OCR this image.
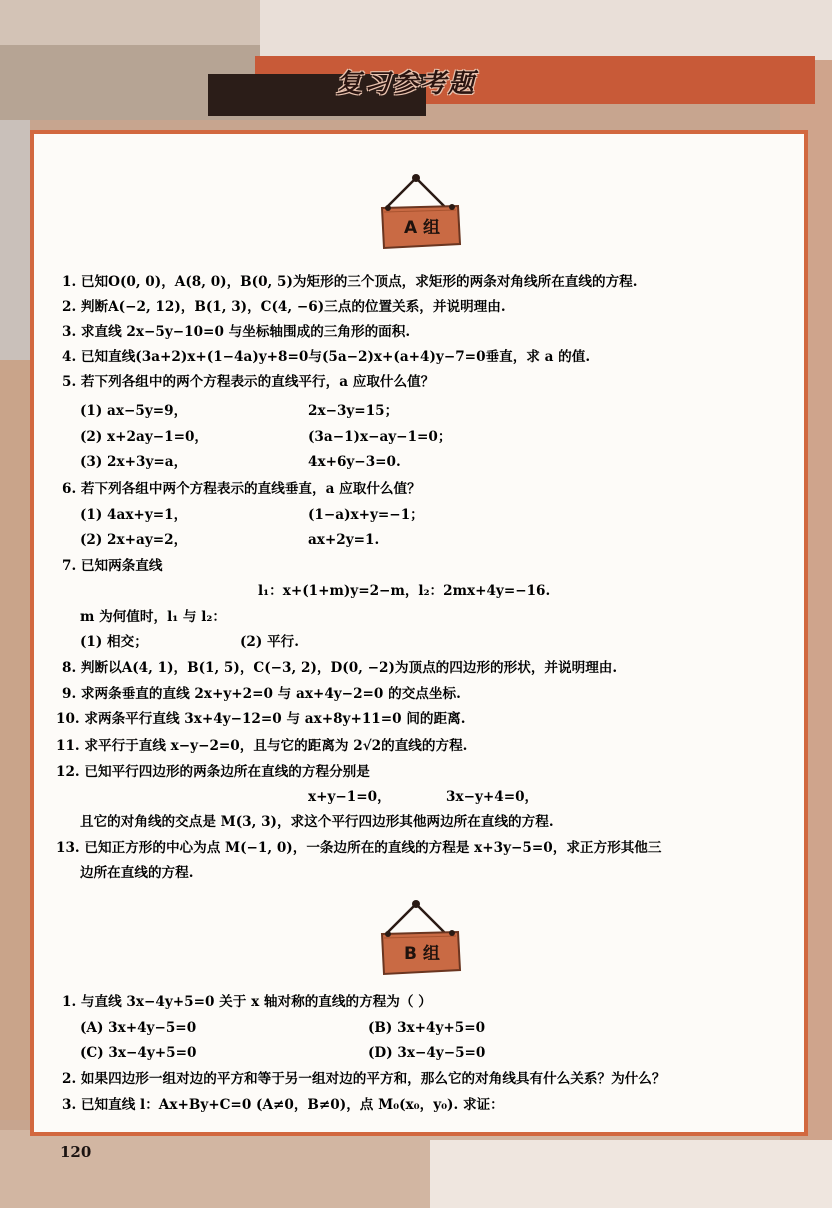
复习参考题
A 组
B 组
1. 已知O(0, 0)，A(8, 0)，B(0, 5)为矩形的三个顶点，求矩形的两条对角线所在直线的方程.
2. 判断A(−2, 12)，B(1, 3)，C(4, −6)三点的位置关系，并说明理由.
3. 求直线 2x−5y−10=0 与坐标轴围成的三角形的面积.
4. 已知直线(3a+2)x+(1−4a)y+8=0与(5a−2)x+(a+4)y−7=0垂直，求 a 的值.
5. 若下列各组中的两个方程表示的直线平行，a 应取什么值？
(1) ax−5y=9，	2x−3y=15；
(2) x+2ay−1=0，	(3a−1)x−ay−1=0；
(3) 2x+3y=a，	4x+6y−3=0.
6. 若下列各组中两个方程表示的直线垂直，a 应取什么值？
(1) 4ax+y=1，	(1−a)x+y=−1；
(2) 2x+ay=2，	ax+2y=1.
7. 已知两条直线
l₁：x+(1+m)y=2−m，l₂：2mx+4y=−16.
m 为何值时，l₁ 与 l₂：
(1) 相交；	(2) 平行.
8. 判断以A(4, 1)，B(1, 5)，C(−3, 2)，D(0, −2)为顶点的四边形的形状，并说明理由.
9. 求两条垂直的直线 2x+y+2=0 与 ax+4y−2=0 的交点坐标.
10. 求两条平行直线 3x+4y−12=0 与 ax+8y+11=0 间的距离.
11. 求平行于直线 x−y−2=0，且与它的距离为 2√2的直线的方程.
12. 已知平行四边形的两条边所在直线的方程分别是
x+y−1=0，	3x−y+4=0，
且它的对角线的交点是 M(3, 3)，求这个平行四边形其他两边所在直线的方程.
13. 已知正方形的中心为点 M(−1, 0)，一条边所在的直线的方程是 x+3y−5=0，求正方形其他三
边所在直线的方程.
1. 与直线 3x−4y+5=0 关于 x 轴对称的直线的方程为（ ）
(A) 3x+4y−5=0	(B) 3x+4y+5=0
(C) 3x−4y+5=0	(D) 3x−4y−5=0
2. 如果四边形一组对边的平方和等于另一组对边的平方和，那么它的对角线具有什么关系？为什么？
3. 已知直线 l：Ax+By+C=0 (A≠0，B≠0)，点 M₀(x₀，y₀). 求证：
120
